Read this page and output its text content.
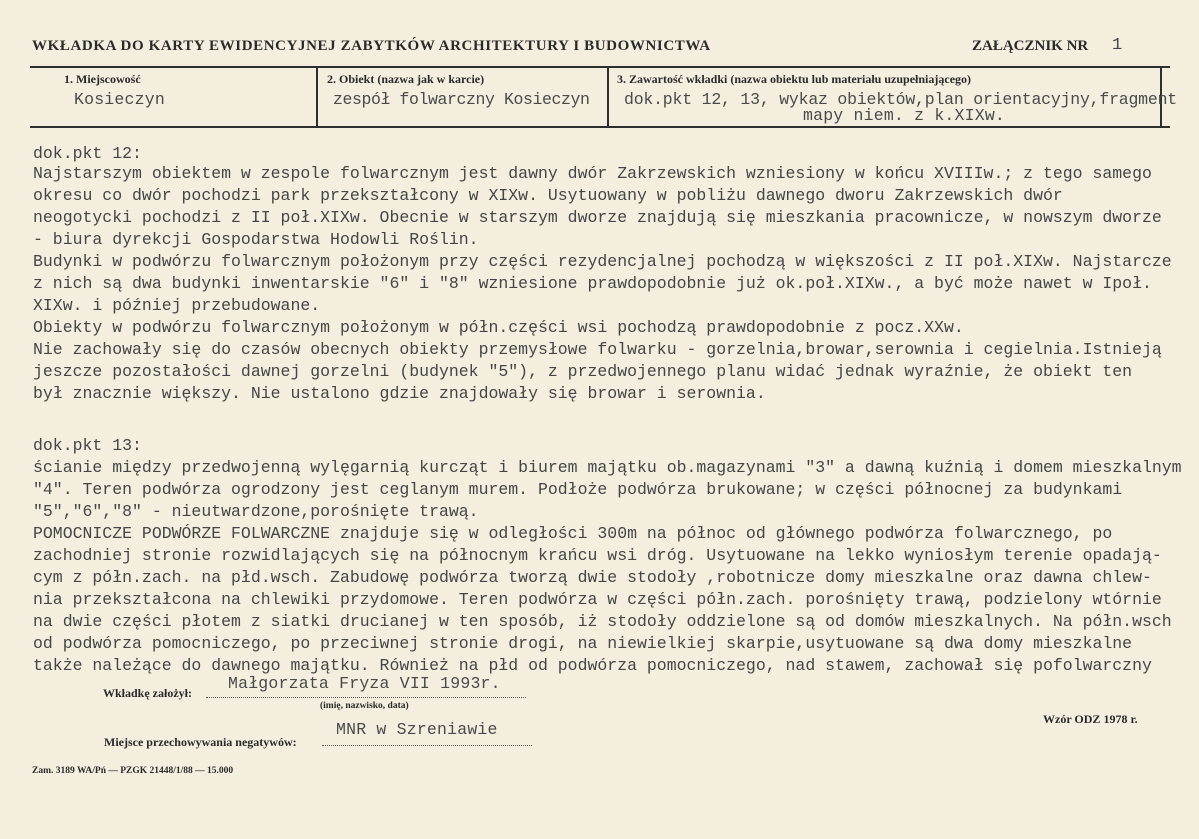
WKŁADKA DO KARTY EWIDENCYJNEJ ZABYTKÓW ARCHITEKTURY I BUDOWNICTWA	ZAŁĄCZNIK NR 1
1. Miejscowość	2. Obiekt (nazwa jak w karcie)	3. Zawartość wkładki (nazwa obiektu lub materiału uzupełniającego)
Kosieczyn	zespół folwarczny Kosieczyn	dok.pkt 12, 13, wykaz obiektów,plan orientacyjny,fragment
mapy niem. z k.XIXw.
dok.pkt 12:
Najstarszym obiektem w zespole folwarcznym jest dawny dwór Zakrzewskich wzniesiony w końcu XVIIIw.; z tego samego
okresu co dwór pochodzi park przekształcony w XIXw. Usytuowany w pobliżu dawnego dworu Zakrzewskich dwór
neogotycki pochodzi z II poł.XIXw. Obecnie w starszym dworze znajdują się mieszkania pracownicze, w nowszym dworze
- biura dyrekcji Gospodarstwa Hodowli Roślin.
Budynki w podwórzu folwarcznym położonym przy części rezydencjalnej pochodzą w większości z II poł.XIXw. Najstarcze
z nich są dwa budynki inwentarskie "6" i "8" wzniesione prawdopodobnie już ok.poł.XIXw., a być może nawet w Ipoł.
XIXw. i później przebudowane.
Obiekty w podwórzu folwarcznym położonym w półn.części wsi pochodzą prawdopodobnie z pocz.XXw.
Nie zachowały się do czasów obecnych obiekty przemysłowe folwarku - gorzelnia,browar,serownia i cegielnia.Istnieją
jeszcze pozostałości dawnej gorzelni (budynek "5"), z przedwojennego planu widać jednak wyraźnie, że obiekt ten
był znacznie większy. Nie ustalono gdzie znajdowały się browar i serownia.
dok.pkt 13:
ścianie między przedwojenną wylęgarnią kurcząt i biurem majątku ob.magazynami "3" a dawną kuźnią i domem mieszkalnym
"4". Teren podwórza ogrodzony jest ceglanym murem. Podłoże podwórza brukowane; w części północnej za budynkami
"5","6","8" - nieutwardzone,porośnięte trawą.
POMOCNICZE PODWÓRZE FOLWARCZNE znajduje się w odległości 300m na północ od głównego podwórza folwarcznego, po
zachodniej stronie rozwidlających się na północnym krańcu wsi dróg. Usytuowane na lekko wyniosłym terenie opadają-
cym z półn.zach. na płd.wsch. Zabudowę podwórza tworzą dwie stodoły ,robotnicze domy mieszkalne oraz dawna chlew-
nia przekształcona na chlewiki przydomowe. Teren podwórza w części półn.zach. porośnięty trawą, podzielony wtórnie
na dwie części płotem z siatki drucianej w ten sposób, iż stodoły oddzielone są od domów mieszkalnych. Na półn.wsch
od podwórza pomocniczego, po przeciwnej stronie drogi, na niewielkiej skarpie,usytuowane są dwa domy mieszkalne
także należące do dawnego majątku. Również na płd od podwórza pomocniczego, nad stawem, zachował się pofolwarczny
Wkładkę założył: Małgorzata Fryza VII 1993r.
(imię, nazwisko, data)
Wzór ODZ 1978 r.
Miejsce przechowywania negatywów:
MNR w Szreniawie
Zam. 3189 WA/Pń — PZGK 21448/1/88 — 15.000
